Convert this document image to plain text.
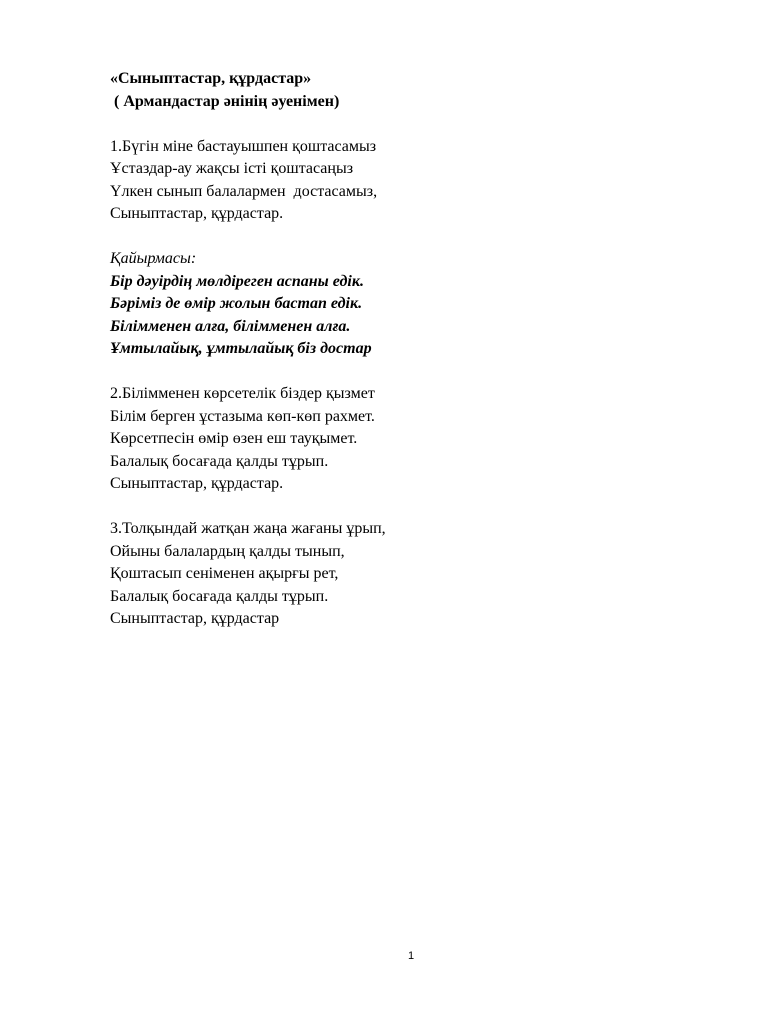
«Сыныптастар, құрдастар»
( Армандастар әнінің әуенімен)
1.Бүгін міне бастауышпен қоштасамыз
Ұстаздар-ау жақсы істі қоштасаңыз
Үлкен сынып балалармен  достасамыз,
Сыныптастар, құрдастар.
Қайырмасы:
Бір дәуірдің мөлдіреген аспаны едік.
Бәріміз де өмір жолын бастап едік.
Білімменен алға, білімменен алға.
Ұмтылайық, ұмтылайық біз достар
2.Білімменен көрсетелік біздер қызмет
Білім берген ұстазыма көп-көп рахмет.
Көрсетпесін өмір өзен еш тауқымет.
Балалық босағада қалды тұрып.
Сыныптастар, құрдастар.
3.Толқындай жатқан жаңа жағаны ұрып,
Ойыны балалардың қалды тынып,
Қоштасып сеніменен ақырғы рет,
Балалық босағада қалды тұрып.
Сыныптастар, құрдастар
1
